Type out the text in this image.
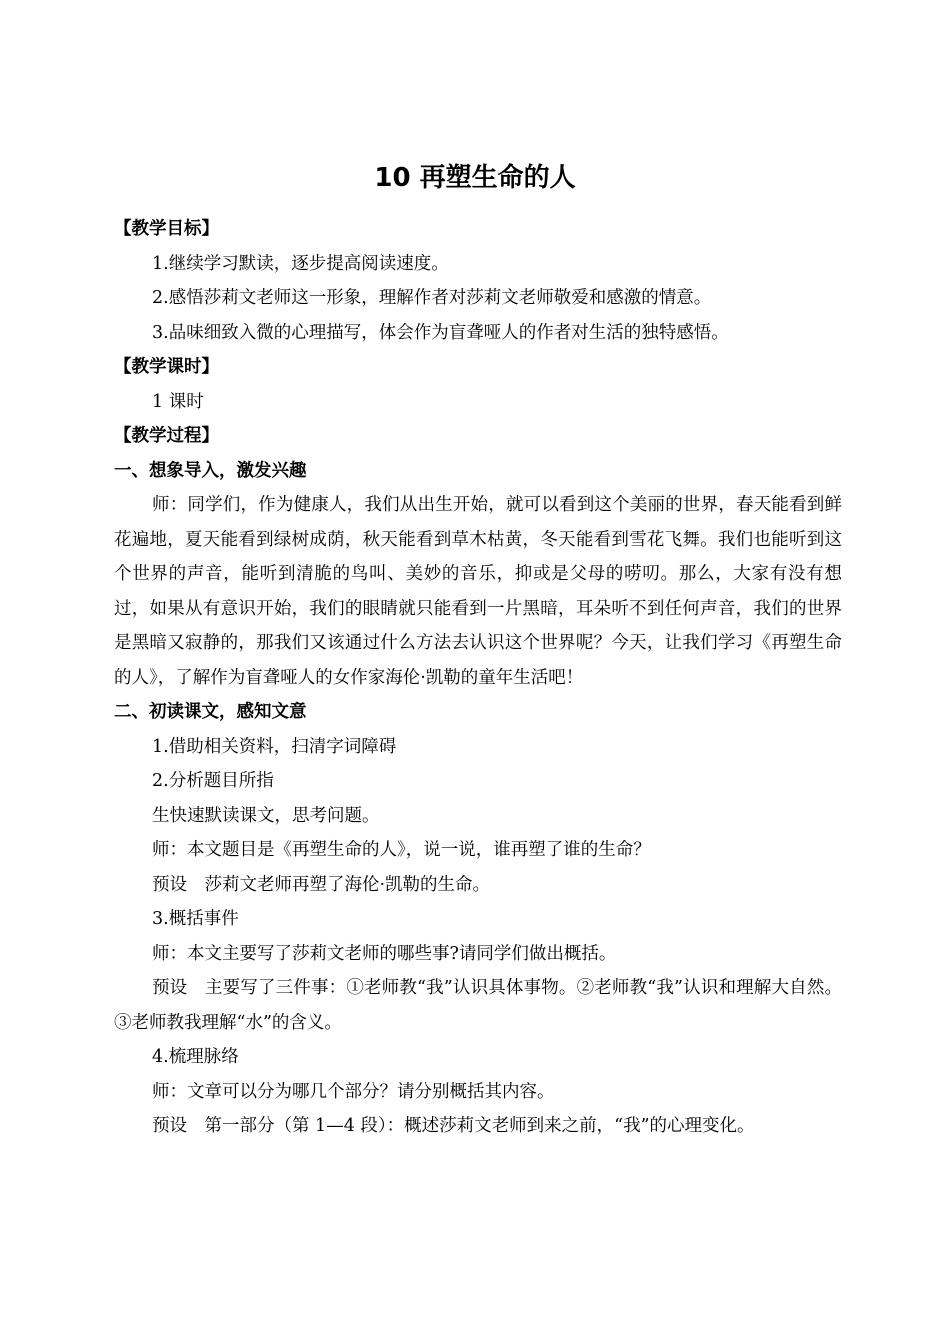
10 再塑生命的人

【教学目标】

1.继续学习默读，逐步提高阅读速度。

2.感悟莎莉文老师这一形象，理解作者对莎莉文老师敬爱和感激的情意。

3.品味细致入微的心理描写，体会作为盲聋哑人的作者对生活的独特感悟。

【教学课时】

1 课时

【教学过程】

一、想象导入，激发兴趣

师：同学们，作为健康人，我们从出生开始，就可以看到这个美丽的世界，春天能看到鲜花遍地，夏天能看到绿树成荫，秋天能看到草木枯黄，冬天能看到雪花飞舞。我们也能听到这个世界的声音，能听到清脆的鸟叫、美妙的音乐，抑或是父母的唠叨。那么，大家有没有想过，如果从有意识开始，我们的眼睛就只能看到一片黑暗，耳朵听不到任何声音，我们的世界是黑暗又寂静的，那我们又该通过什么方法去认识这个世界呢？今天，让我们学习《再塑生命的人》，了解作为盲聋哑人的女作家海伦·凯勒的童年生活吧！

二、初读课文，感知文意

1.借助相关资料，扫清字词障碍

2.分析题目所指

生快速默读课文，思考问题。

师：本文题目是《再塑生命的人》，说一说，谁再塑了谁的生命？

预设　莎莉文老师再塑了海伦·凯勒的生命。

3.概括事件

师：本文主要写了莎莉文老师的哪些事?请同学们做出概括。

预设　主要写了三件事：①老师教“我”认识具体事物。②老师教“我”认识和理解大自然。③老师教我理解“水”的含义。

4.梳理脉络

师：文章可以分为哪几个部分？请分别概括其内容。

预设　第一部分（第 1—4 段）：概述莎莉文老师到来之前，“我”的心理变化。
